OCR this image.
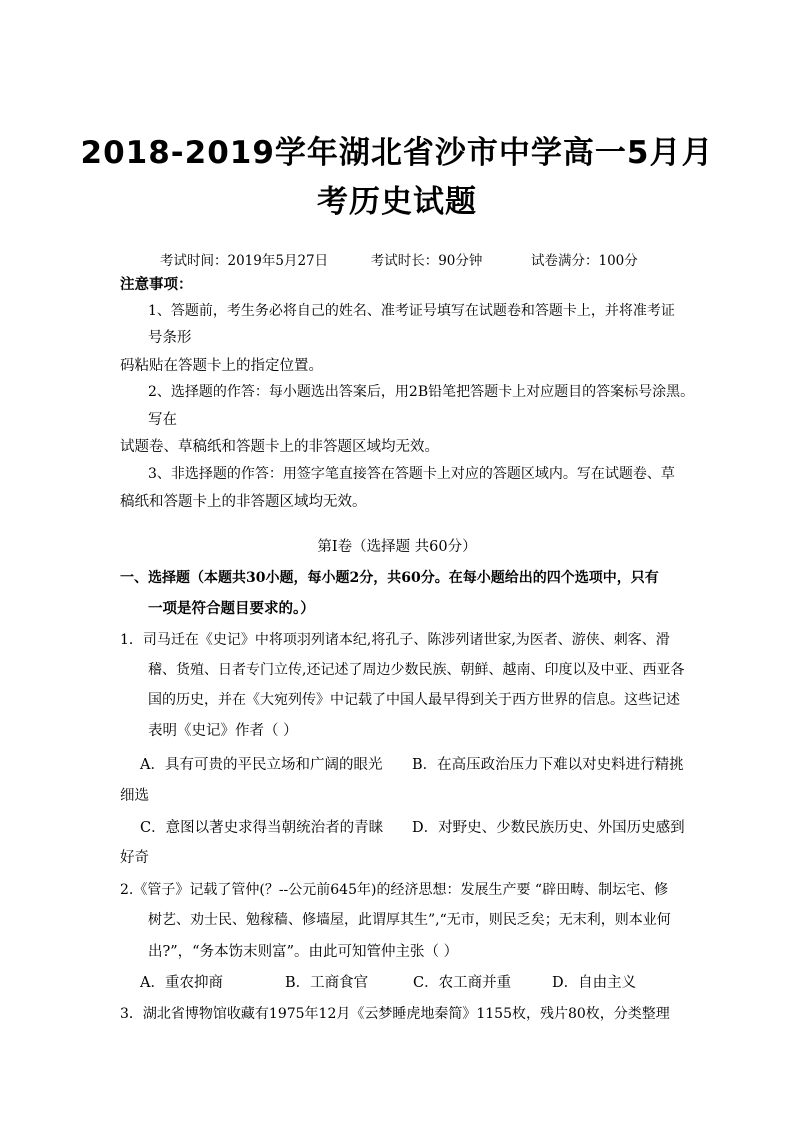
2018-2019学年湖北省沙市中学高一5月月
考历史试题
考试时间：2019年5月27日	考试时长：90分钟	试卷满分：100分
注意事项：
1、答题前，考生务必将自己的姓名、准考证号填写在试题卷和答题卡上，并将准考证
号条形
码粘贴在答题卡上的指定位置。
2、选择题的作答：每小题选出答案后，用2B铅笔把答题卡上对应题目的答案标号涂黑。
写在
试题卷、草稿纸和答题卡上的非答题区域均无效。
3、非选择题的作答：用签字笔直接答在答题卡上对应的答题区域内。写在试题卷、草
稿纸和答题卡上的非答题区域均无效。
第Ⅰ卷（选择题 共60分）
一、选择题（本题共30小题，每小题2分，共60分。在每小题给出的四个选项中，只有
一项是符合题目要求的。）
1．司马迁在《史记》中将项羽列诸本纪,将孔子、陈涉列诸世家,为医者、游侠、刺客、滑
稽、货殖、日者专门立传,还记述了周边少数民族、朝鲜、越南、印度以及中亚、西亚各
国的历史，并在《大宛列传》中记载了中国人最早得到关于西方世界的信息。这些记述
表明《史记》作者（ ）
A．具有可贵的平民立场和广阔的眼光 B．在高压政治压力下难以对史料进行精挑
细选
C．意图以著史求得当朝统治者的青睐 D．对野史、少数民族历史、外国历史感到
好奇
2.《管子》记载了管仲(？--公元前645年)的经济思想：发展生产要 “辟田畴、制坛宅、修
树艺、劝士民、勉稼穑、修墙屋，此谓厚其生”,“无市，则民乏矣；无末利，则本业何
出?”，“务本饬末则富”。由此可知管仲主张（ ）
A．重农抑商	B．工商食官	C．农工商并重	D．自由主义
3．湖北省博物馆收藏有1975年12月《云梦睡虎地秦简》1155枚，残片80枚，分类整理
